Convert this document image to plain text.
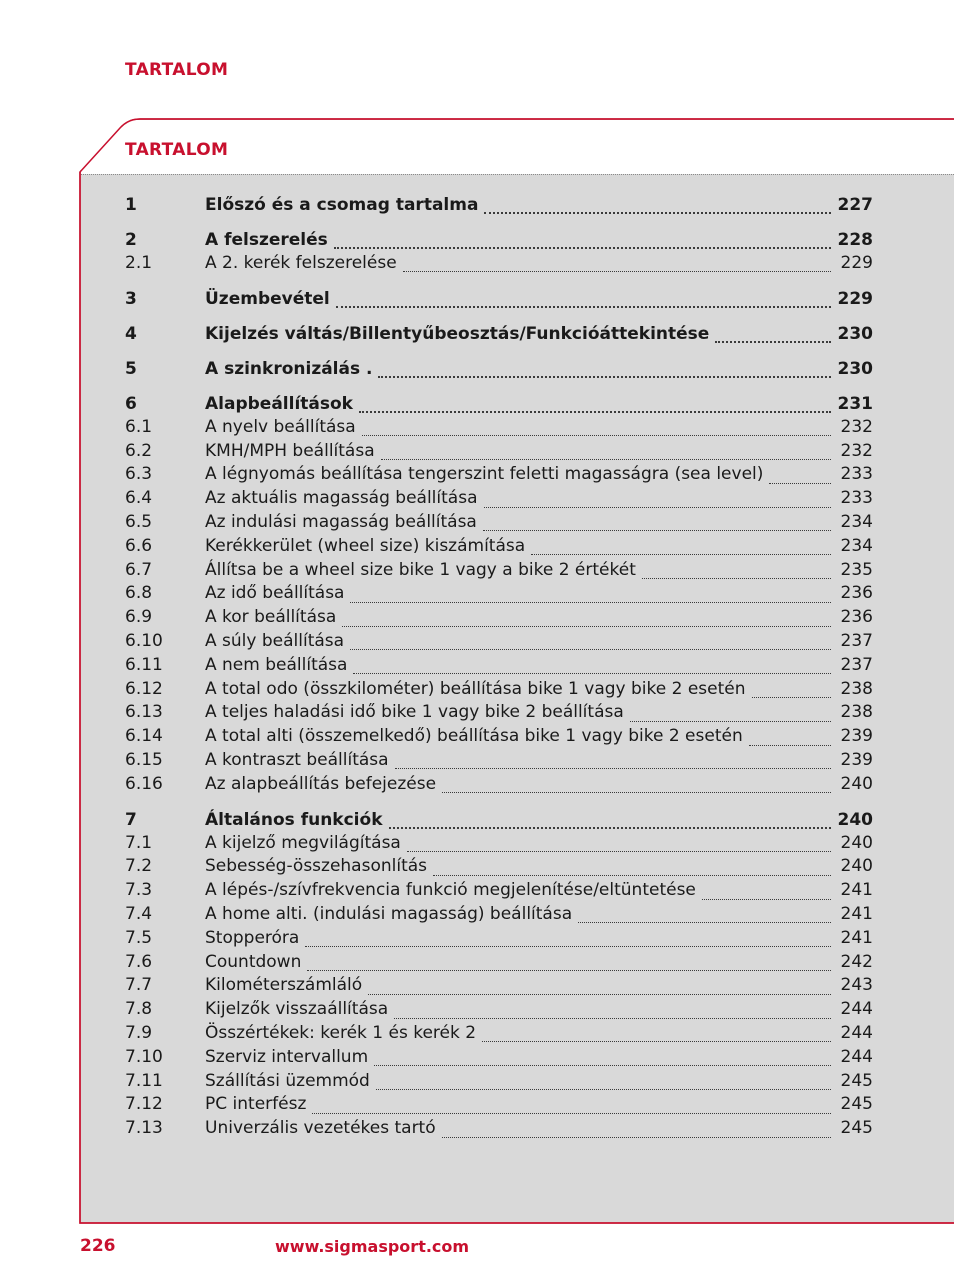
TARTALOM
TARTALOM
1	Előszó és a csomag tartalma	227
2	A felszerelés	228
2.1	A 2. kerék felszerelése	229
3	Üzembevétel	229
4	Kijelzés váltás/Billentyűbeosztás/Funkcióáttekintése	230
5	A szinkronizálás .	230
6	Alapbeállítások	231
6.1	A nyelv beállítása	232
6.2	KMH/MPH beállítása	232
6.3	A légnyomás beállítása tengerszint feletti magasságra (sea level)	233
6.4	Az aktuális magasság beállítása	233
6.5	Az indulási magasság beállítása	234
6.6	Kerékkerület (wheel size) kiszámítása	234
6.7	Állítsa be a wheel size bike 1 vagy a bike 2 értékét	235
6.8	Az idő beállítása	236
6.9	A kor beállítása	236
6.10	A súly beállítása	237
6.11	A nem beállítása	237
6.12	A total odo (összkilométer) beállítása bike 1 vagy bike 2 esetén	238
6.13	A teljes haladási idő bike 1 vagy bike 2 beállítása	238
6.14	A total alti (összemelkedő) beállítása bike 1 vagy bike 2 esetén	239
6.15	A kontraszt beállítása	239
6.16	Az alapbeállítás befejezése	240
7	Általános funkciók	240
7.1	A kijelző megvilágítása	240
7.2	Sebesség-összehasonlítás	240
7.3	A lépés-/szívfrekvencia funkció megjelenítése/eltüntetése	241
7.4	A home alti. (indulási magasság) beállítása	241
7.5	Stopperóra	241
7.6	Countdown	242
7.7	Kilométerszámláló	243
7.8	Kijelzők visszaállítása	244
7.9	Összértékek: kerék 1 és kerék 2	244
7.10	Szerviz intervallum	244
7.11	Szállítási üzemmód	245
7.12	PC interfész	245
7.13	Univerzális vezetékes tartó	245
226	www.sigmasport.com
